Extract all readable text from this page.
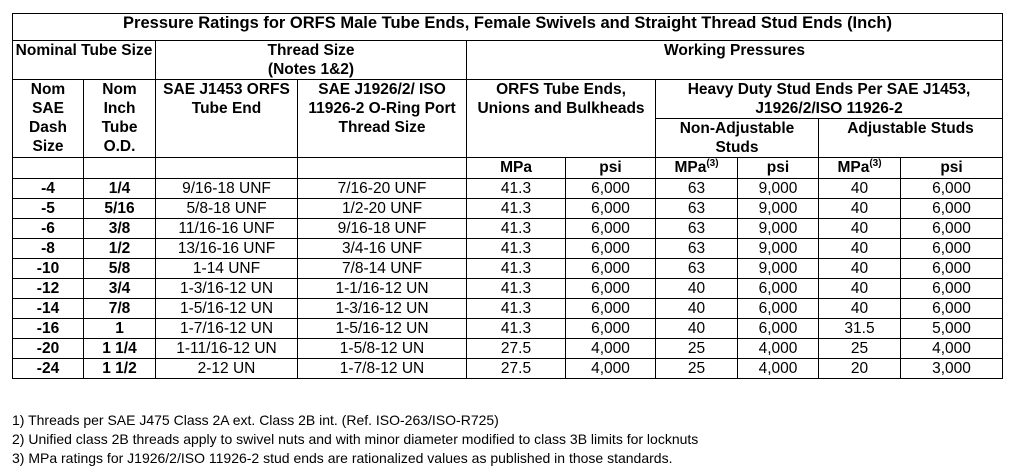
Pressure Ratings for ORFS Male Tube Ends, Female Swivels and Straight Thread Stud Ends (Inch)									
Nominal Tube Size		Thread Size (Notes 1&2)		Working Pressures					
Nom SAE Dash Size	Nom Inch Tube O.D.	SAE J1453 ORFS Tube End	SAE J1926/2/ ISO 11926-2 O-Ring Port Thread Size	ORFS Tube Ends, Unions and Bulkheads		Heavy Duty Stud Ends Per SAE J1453, J1926/2/ISO 11926-2			
						Non-Adjustable Studs		Adjustable Studs	
				MPa	psi	MPa$^{(3)}$	psi	MPa$^{(3)}$	psi
-4	1/4	9/16-18 UNF	7/16-20 UNF	41.3	6,000	63	9,000	40	6,000
-5	5/16	5/8-18 UNF	1/2-20 UNF	41.3	6,000	63	9,000	40	6,000
-6	3/8	11/16-16 UNF	9/16-18 UNF	41.3	6,000	63	9,000	40	6,000
-8	1/2	13/16-16 UNF	3/4-16 UNF	41.3	6,000	63	9,000	40	6,000
-10	5/8	1-14 UNF	7/8-14 UNF	41.3	6,000	63	9,000	40	6,000
-12	3/4	1-3/16-12 UN	1-1/16-12 UN	41.3	6,000	40	6,000	40	6,000
-14	7/8	1-5/16-12 UN	1-3/16-12 UN	41.3	6,000	40	6,000	40	6,000
-16	1	1-7/16-12 UN	1-5/16-12 UN	41.3	6,000	40	6,000	31.5	5,000
-20	1 1/4	1-11/16-12 UN	1-5/8-12 UN	27.5	4,000	25	4,000	25	4,000
-24	1 1/2	2-12 UN	1-7/8-12 UN	27.5	4,000	25	4,000	20	3,000
1) Threads per SAE J475 Class 2A ext. Class 2B int. (Ref. ISO-263/ISO-R725)
2) Unified class 2B threads apply to swivel nuts and with minor diameter modified to class 3B limits for locknuts
3) MPa ratings for J1926/2/ISO 11926-2 stud ends are rationalized values as published in those standards.
